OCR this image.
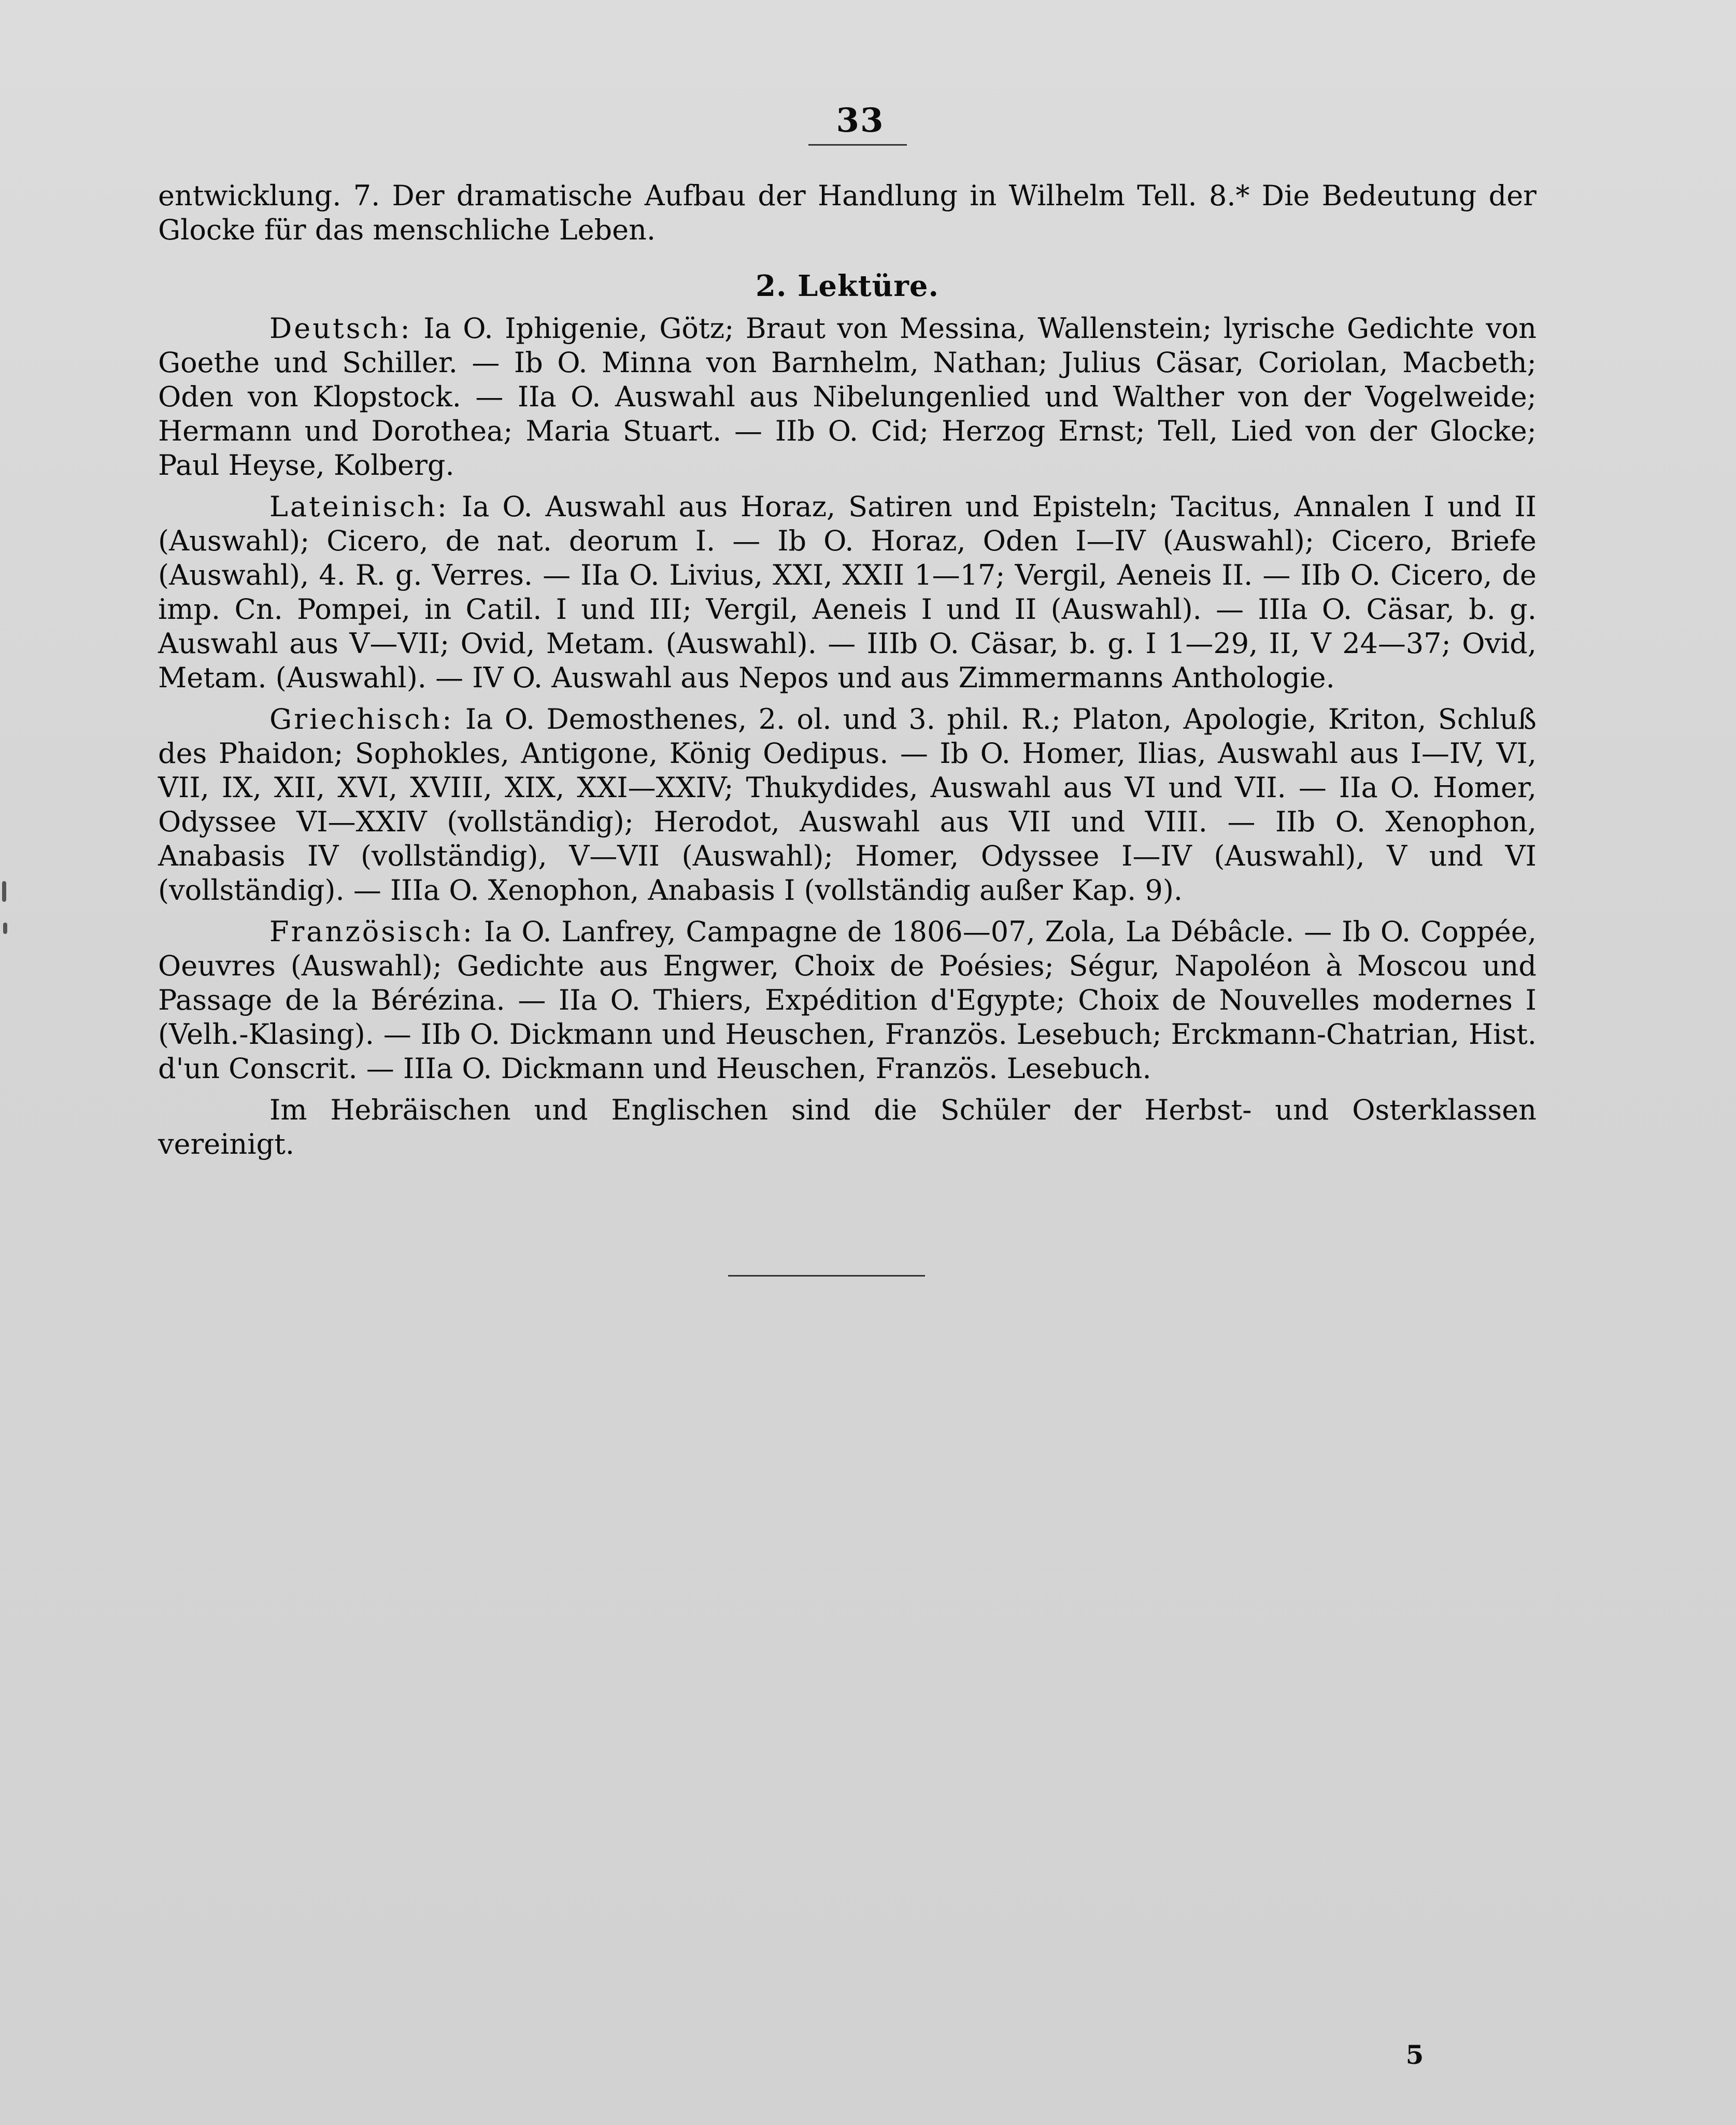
33

entwicklung. 7. Der dramatische Aufbau der Handlung in Wilhelm Tell. 8.* Die Bedeutung der Glocke für das menschliche Leben.

2. Lektüre.

Deutsch: Ia O. Iphigenie, Götz; Braut von Messina, Wallenstein; lyrische Gedichte von Goethe und Schiller. — Ib O. Minna von Barnhelm, Nathan; Julius Cäsar, Coriolan, Macbeth; Oden von Klopstock. — IIa O. Auswahl aus Nibelungenlied und Walther von der Vogelweide; Hermann und Dorothea; Maria Stuart. — IIb O. Cid; Herzog Ernst; Tell, Lied von der Glocke; Paul Heyse, Kolberg.

Lateinisch: Ia O. Auswahl aus Horaz, Satiren und Episteln; Tacitus, Annalen I und II (Auswahl); Cicero, de nat. deorum I. — Ib O. Horaz, Oden I—IV (Auswahl); Cicero, Briefe (Auswahl), 4. R. g. Verres. — IIa O. Livius, XXI, XXII 1—17; Vergil, Aeneis II. — IIb O. Cicero, de imp. Cn. Pompei, in Catil. I und III; Vergil, Aeneis I und II (Auswahl). — IIIa O. Cäsar, b. g. Auswahl aus V—VII; Ovid, Metam. (Auswahl). — IIIb O. Cäsar, b. g. I 1—29, II, V 24—37; Ovid, Metam. (Auswahl). — IV O. Auswahl aus Nepos und aus Zimmermanns Anthologie.

Griechisch: Ia O. Demosthenes, 2. ol. und 3. phil. R.; Platon, Apologie, Kriton, Schluß des Phaidon; Sophokles, Antigone, König Oedipus. — Ib O. Homer, Ilias, Auswahl aus I—IV, VI, VII, IX, XII, XVI, XVIII, XIX, XXI—XXIV; Thukydides, Auswahl aus VI und VII. — IIa O. Homer, Odyssee VI—XXIV (vollständig); Herodot, Auswahl aus VII und VIII. — IIb O. Xenophon, Anabasis IV (vollständig), V—VII (Auswahl); Homer, Odyssee I—IV (Auswahl), V und VI (vollständig). — IIIa O. Xenophon, Anabasis I (vollständig außer Kap. 9).

Französisch: Ia O. Lanfrey, Campagne de 1806—07, Zola, La Débâcle. — Ib O. Coppée, Oeuvres (Auswahl); Gedichte aus Engwer, Choix de Poésies; Ségur, Napoléon à Moscou und Passage de la Bérézina. — IIa O. Thiers, Expédition d'Egypte; Choix de Nouvelles modernes I (Velh.-Klasing). — IIb O. Dickmann und Heuschen, Französ. Lesebuch; Erckmann-Chatrian, Hist. d'un Conscrit. — IIIa O. Dickmann und Heuschen, Französ. Lesebuch.

Im Hebräischen und Englischen sind die Schüler der Herbst- und Osterklassen vereinigt.

5
